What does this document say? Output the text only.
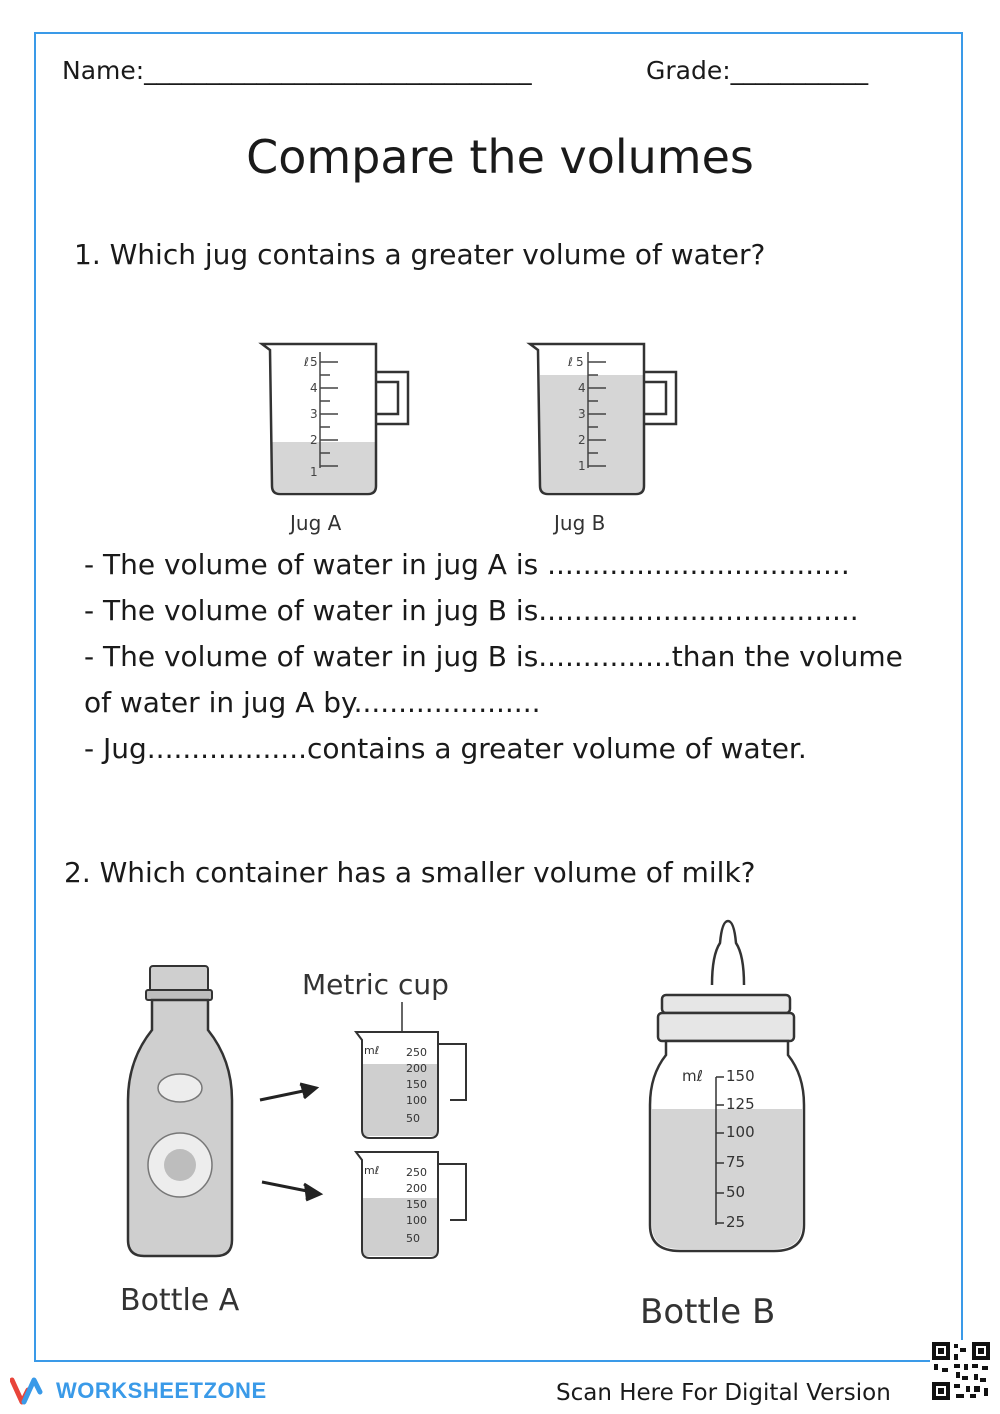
Name:_______________________________	Grade:___________
Compare the volumes
1. Which jug contains a greater volume of water?
ℓ 5
4
3
2
1
Jug A
ℓ 5
4
3
2
1
Jug B
- The volume of water in jug A is ..................................
- The volume of water in jug B is....................................
- The volume of water in jug B is...............than the volume
of water in jug A by.....................
- Jug..................contains a greater volume of water.
2. Which container has a smaller volume of milk?
Metric cup
mℓ 250
200
150
100
50
mℓ 250
200
150
100
50
Bottle A
mℓ 150
125
100
75
50
25
Bottle B
WORKSHEETZONE	Scan Here For Digital Version
